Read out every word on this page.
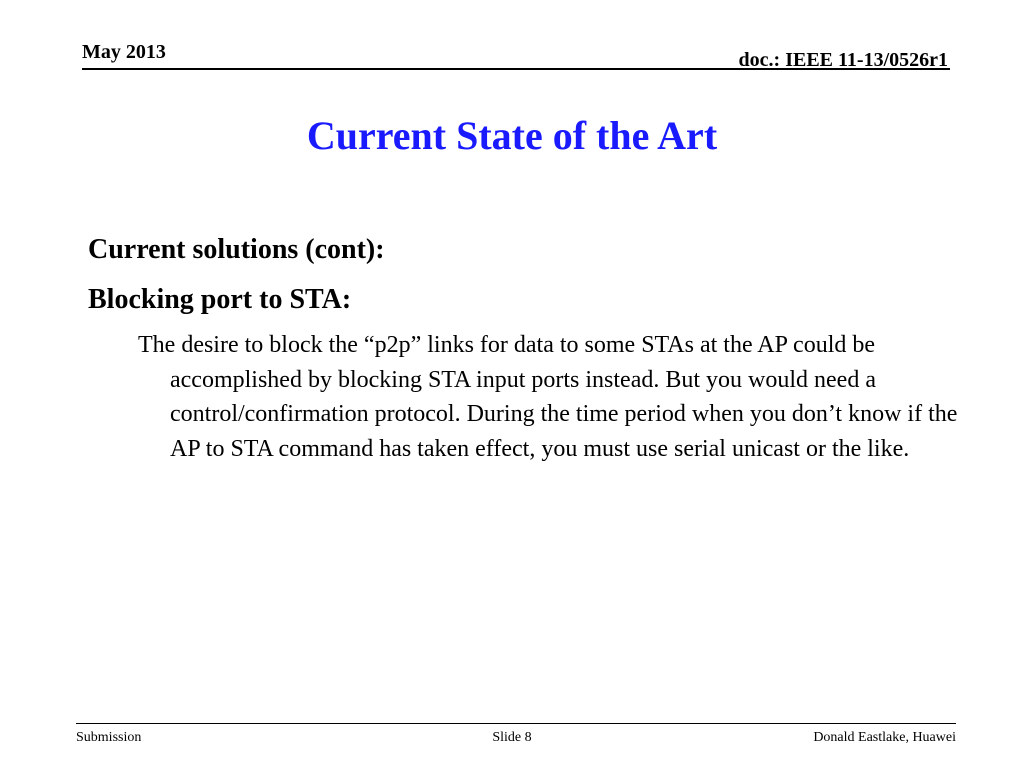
May 2013	doc.: IEEE 11-13/0526r1
Current State of the Art
Current solutions (cont):
Blocking port to STA:

The desire to block the “p2p” links for data to some STAs at the AP could be accomplished by blocking STA input ports instead. But you would need a control/confirmation protocol. During the time period when you don’t know if the AP to STA command has taken effect, you must use serial unicast or the like.

Submission	Slide 8	Donald Eastlake, Huawei
